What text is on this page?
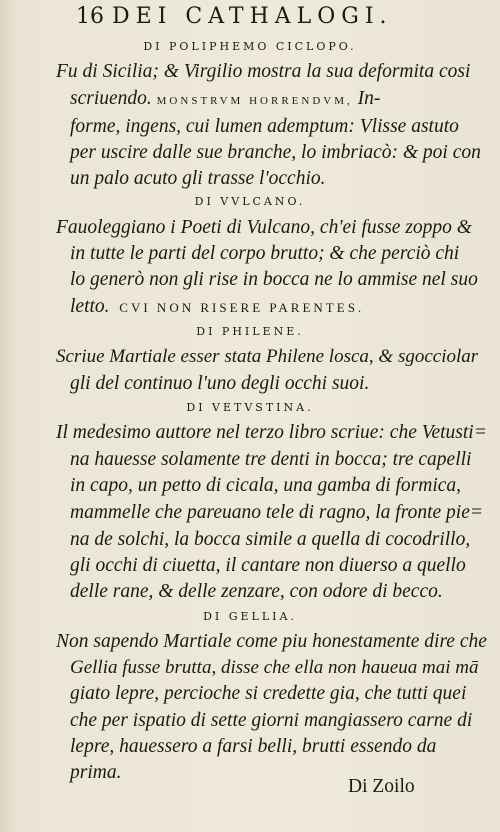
16 DEI CATHALOGI.
DI POLIPHEMO CICLOPO.
Fu di Sicilia; & Virgilio mostra la sua deformita cosi
scriuendo. MONSTRVM HORRENDVM, In-
forme, ingens, cui lumen ademptum: Vlisse astuto
per uscire dalle sue branche, lo imbriacò: & poi con
un palo acuto gli trasse l'occhio.
DI VVLCANO.
Fauoleggiano i Poeti di Vulcano, ch'ei fusse zoppo &
in tutte le parti del corpo brutto; & che perciò chi
lo generò non gli rise in bocca ne lo ammise nel suo
letto. CVI NON RISERE PARENTES.
DI PHILENE.
Scriue Martiale esser stata Philene losca, & sgocciolar
gli del continuo l'uno degli occhi suoi.
DI VETVSTINA.
Il medesimo auttore nel terzo libro scriue: che Vetusti=
na hauesse solamente tre denti in bocca; tre capelli
in capo, un petto di cicala, una gamba di formica,
mammelle che pareuano tele di ragno, la fronte pie=
na de solchi, la bocca simile a quella di cocodrillo,
gli occhi di ciuetta, il cantare non diuerso a quello
delle rane, & delle zenzare, con odore di becco.
DI GELLIA.
Non sapendo Martiale come piu honestamente dire che
Gellia fusse brutta, disse che ella non haueua mai mā
giato lepre, percioche si credette gia, che tutti quei
che per ispatio di sette giorni mangiassero carne di
lepre, hauessero a farsi belli, brutti essendo da
prima.
Di Zoilo
